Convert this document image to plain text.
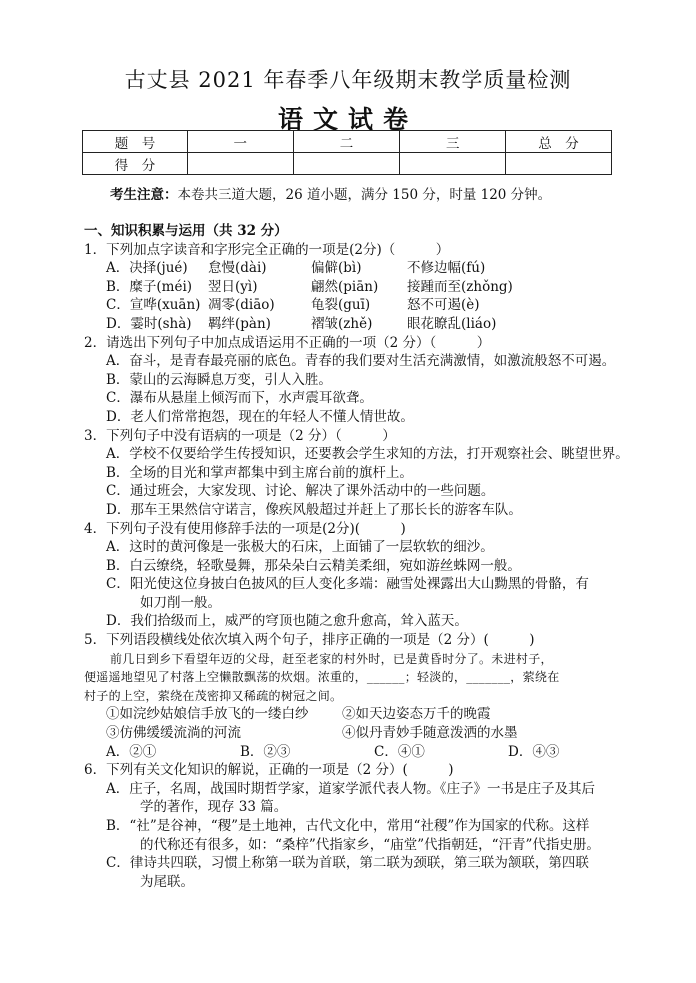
古丈县 2021 年春季八年级期末教学质量检测
语文试卷
题　号	一	二	三	总　分
得　分				
考生注意：本卷共三道大题，26 道小题，满分 150 分，时量 120 分钟。
一、知识积累与运用（共 32 分）
1．下列加点字读音和字形完全正确的一项是(2分)（　　　）
A．决择(jué)	怠慢(dài)	偏僻(bì)	不修边幅(fú)
B．糜子(méi)	翌日(yì)	翩然(piān)	接踵而至(zhǒng)
C．宣哗(xuān) 凋零(diāo)	龟裂(guī)	怒不可遏(è)
D．霎时(shà)	羁绊(pàn)	褶皱(zhě)	眼花瞭乱(liáo)
2．请选出下列句子中加点成语运用不正确的一项（2 分）（　　　）
A．奋斗，是青春最亮丽的底色。青春的我们要对生活充满激情，如激流般怒不可遏。
B．蒙山的云海瞬息万变，引人入胜。
C．瀑布从悬崖上倾泻而下，水声震耳欲聋。
D．老人们常常抱怨，现在的年轻人不懂人情世故。
3．下列句子中没有语病的一项是（2 分）（　　　）
A．学校不仅要给学生传授知识，还要教会学生求知的方法，打开观察社会、眺望世界。
B．全场的目光和掌声都集中到主席台前的旗杆上。
C．通过班会，大家发现、讨论、解决了课外活动中的一些问题。
D．那车王果然信守诺言，像疾风般超过并赶上了那长长的游客车队。
4．下列句子没有使用修辞手法的一项是(2分)(　　　)
A．这时的黄河像是一张极大的石床，上面铺了一层软软的细沙。
B．白云缭绕，轻歌曼舞，那朵朵白云精美柔细，宛如游丝蛛网一般。
C．阳光使这位身披白色披风的巨人变化多端：融雪处裸露出大山黝黑的骨骼，有
如刀削一般。
D．我们拾级而上，威严的穹顶也随之愈升愈高，耸入蓝天。
5．下列语段横线处依次填入两个句子，排序正确的一项是（2 分）(　　　)
前几日到乡下看望年迈的父母，赶至老家的村外时，已是黄昏时分了。未进村子，
便遥遥地望见了村落上空懒散飘荡的炊烟。浓重的，______；轻淡的，_______，萦绕在
村子的上空，萦绕在茂密抑又稀疏的树冠之间。
①如浣纱姑娘信手放飞的一缕白纱	②如天边姿态万千的晚霞
③仿佛缓缓流淌的河流	④似丹青妙手随意泼洒的水墨
A．②①	B．②③	C．④①	D．④③
6．下列有关文化知识的解说，正确的一项是（2 分）(　　　)
A．庄子，名周，战国时期哲学家，道家学派代表人物。《庄子》一书是庄子及其后
学的著作，现存 33 篇。
B．“社”是谷神，“稷”是土地神，古代文化中，常用“社稷”作为国家的代称。这样
的代称还有很多，如：“桑梓”代指家乡，“庙堂”代指朝廷，“汗青”代指史册。
C．律诗共四联，习惯上称第一联为首联，第二联为颈联，第三联为颔联，第四联
为尾联。
